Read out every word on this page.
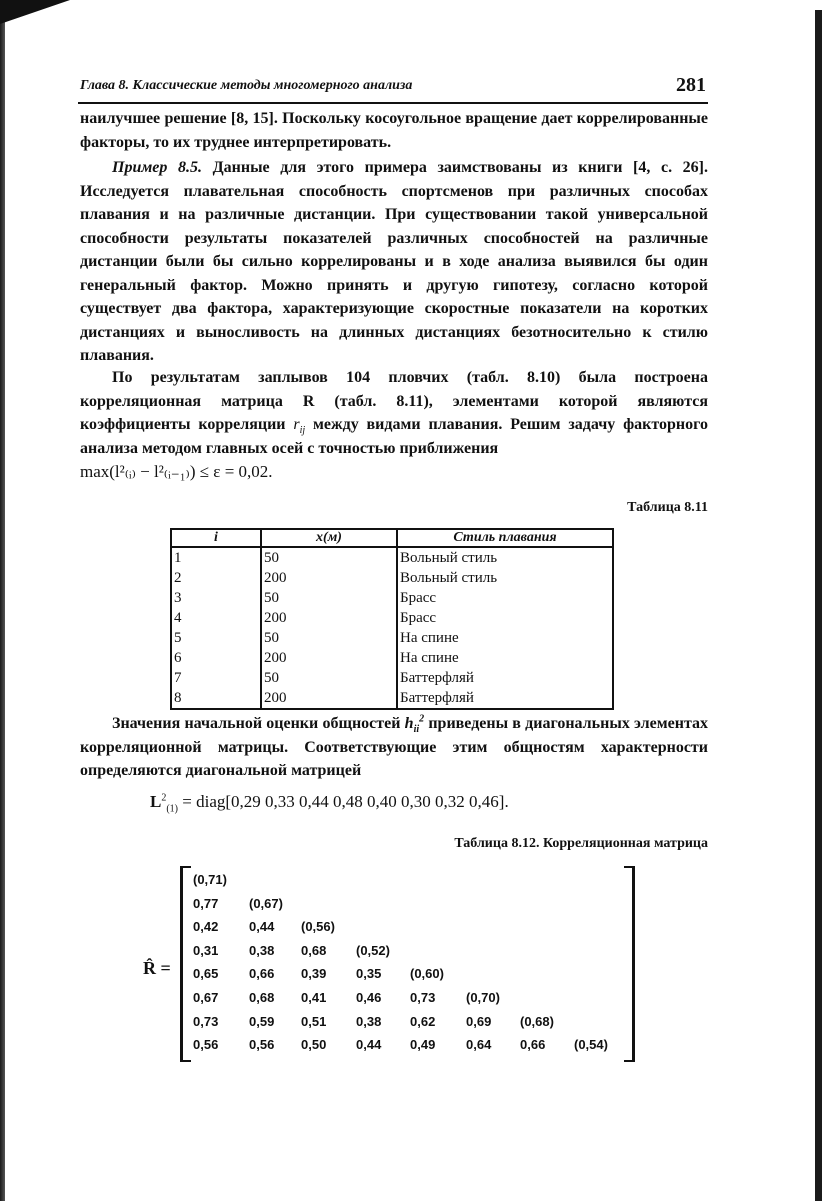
Глава 8. Классические методы многомерного анализа	281

наилучшее решение [8, 15]. Поскольку косоугольное вращение дает коррелированные факторы, то их труднее интерпретировать.

Пример 8.5. Данные для этого примера заимствованы из книги [4, с. 26]. Исследуется плавательная способность спортсменов при различных способах плавания и на различные дистанции. При существовании такой универсальной способности результаты показателей различных способностей на различные дистанции были бы сильно коррелированы и в ходе анализа выявился бы один генеральный фактор. Можно принять и другую гипотезу, согласно которой существует два фактора, характеризующие скоростные показатели на коротких дистанциях и выносливость на длинных дистанциях безотносительно к стилю плавания.

По результатам заплывов 104 пловчих (табл. 8.10) была построена корреляционная матрица R (табл. 8.11), элементами которой являются коэффициенты корреляции $r_{ij}$ между видами плавания. Решим задачу факторного анализа методом главных осей с точностью приближения
max(l²₍ᵢ₎ − l²₍ᵢ₋₁₎) ≤ ε = 0,02.

Таблица 8.11
i	x(м)	Стиль плавания
1	50	Вольный стиль
2	200	Вольный стиль
3	50	Брасс
4	200	Брасс
5	50	На спине
6	200	На спине
7	50	Баттерфляй
8	200	Баттерфляй

Значения начальной оценки общностей $h_{ii}^2$ приведены в диагональных элементах корреляционной матрицы. Соответствующие этим общностям характерности определяются диагональной матрицей

$L^2_{(1)}$ = diag[0,29 0,33 0,44 0,48 0,40 0,30 0,32 0,46].
Таблица 8.12. Корреляционная матрица
R̂ =
(0,71)
0,77 (0,67)
0,42 0,44 (0,56)
0,31 0,38 0,68 (0,52)
0,65 0,66 0,39 0,35 (0,60)
0,67 0,68 0,41 0,46 0,73 (0,70)
0,73 0,59 0,51 0,38 0,62 0,69 (0,68)
0,56 0,56 0,50 0,44 0,49 0,64 0,66 (0,54)
